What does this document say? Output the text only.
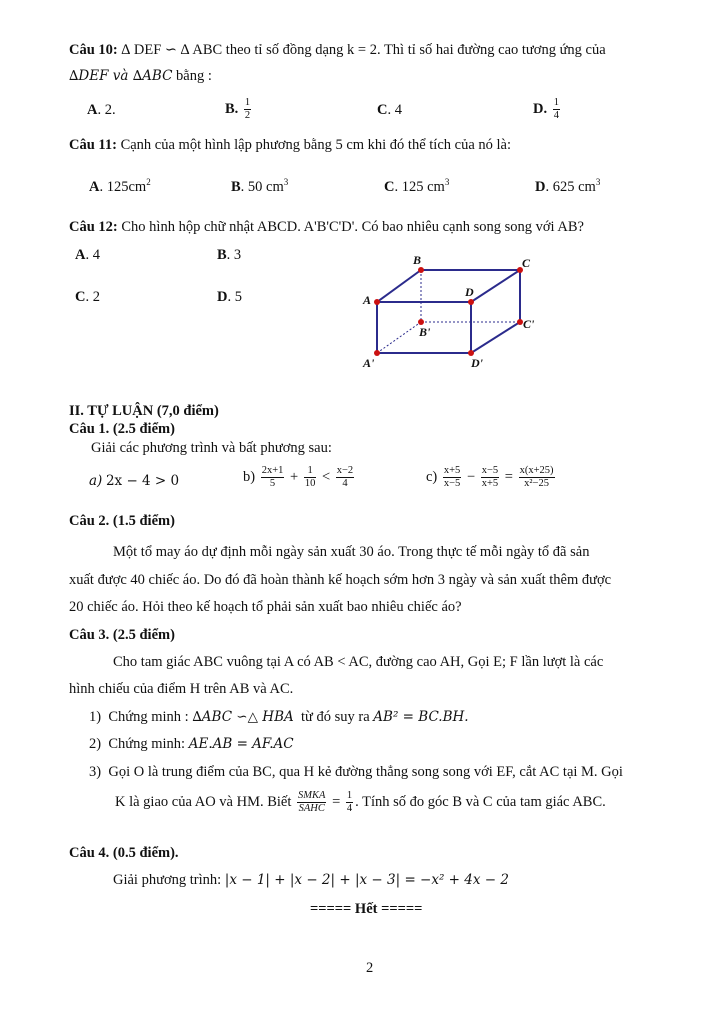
Câu 10: ∆ DEF ∽ ∆ ABC theo tỉ số đồng dạng k = 2. Thì tỉ số hai đường cao tương ứng của
∆DEF và ∆ABC bằng :
A. 2.	B. $\frac{1}{2}$	C. 4	D. $\frac{1}{4}$
Câu 11: Cạnh của một hình lập phương bằng 5 cm khi đó thể tích của nó là:
A. $125cm^2$	B. 50 $cm^3$	C. 125 $cm^3$	D. 625 $cm^3$
Câu 12: Cho hình hộp chữ nhật ABCD. A'B'C'D'. Có bao nhiêu cạnh song song với AB?
A. 4	B. 3
C. 2	D. 5	A
B	C
D
A'
B'
C'
D'
II. TỰ LUẬN (7,0 điểm)
Câu 1. (2.5 điểm)
Giải các phương trình và bất phương sau:
a) 2x − 4 > 0	$b) \frac{2x+1}{5} + \frac{1}{10} < \frac{x-2}{4}$	$c) \frac{x+5}{x-5} - \frac{x-5}{x+5} = \frac{x(x+25)}{\text{x²−25}}$
Câu 2. (1.5 điểm)
Một tổ may áo dự định mỗi ngày sản xuất 30 áo. Trong thực tế mỗi ngày tổ đã sản
xuất được 40 chiếc áo. Do đó đã hoàn thành kế hoạch sớm hơn 3 ngày và sản xuất thêm được
20 chiếc áo. Hỏi theo kế hoạch tổ phải sản xuất bao nhiêu chiếc áo?
Câu 3. (2.5 điểm)
Cho tam giác ABC vuông tại A có AB < AC, đường cao AH, Gọi E; F lần lượt là các
hình chiếu của điểm H trên AB và AC.
1) Chứng minh : ∆ABC ∽△ HBA từ đó suy ra AB² = BC.BH.
2) Chứng minh: AE.AB = AF.AC
3) Gọi O là trung điểm của BC, qua H kẻ đường thẳng song song với EF, cắt AC tại M. Gọi
K là giao của AO và HM. Biết $\frac{\text{SMKA}}{\text{SAHC}} = \frac{1}{4}$ . Tính số đo góc B và C của tam giác ABC.
Câu 4. (0.5 điểm).
Giải phương trình: |x − 1| + |x − 2| + |x − 3| = −x² + 4x − 2
===== Hết =====
2
